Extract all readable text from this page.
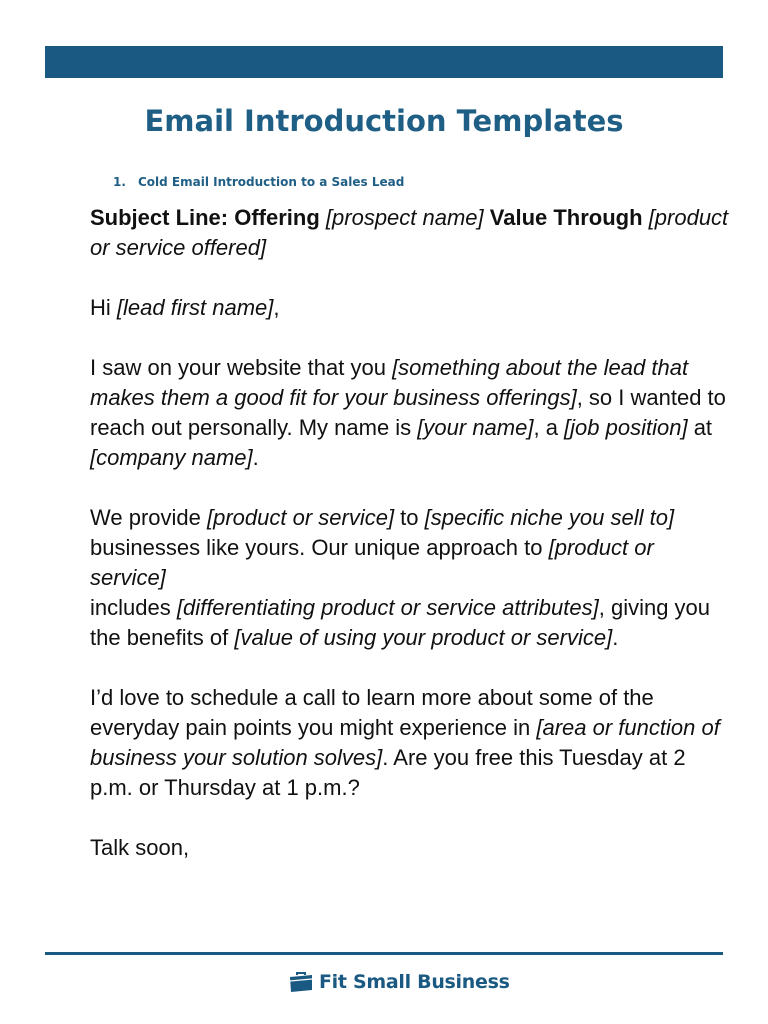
Email Introduction Templates
1. Cold Email Introduction to a Sales Lead

Subject Line: Offering [prospect name] Value Through [product or service offered]

Hi [lead first name],

I saw on your website that you [something about the lead that makes them a good fit for your business offerings], so I wanted to reach out personally. My name is [your name], a [job position] at [company name].

We provide [product or service] to [specific niche you sell to] businesses like yours. Our unique approach to [product or service]
includes [differentiating product or service attributes], giving you the benefits of [value of using your product or service].

I’d love to schedule a call to learn more about some of the everyday pain points you might experience in [area or function of business your solution solves]. Are you free this Tuesday at 2 p.m. or Thursday at 1 p.m.?

Talk soon,

Fit Small Business
